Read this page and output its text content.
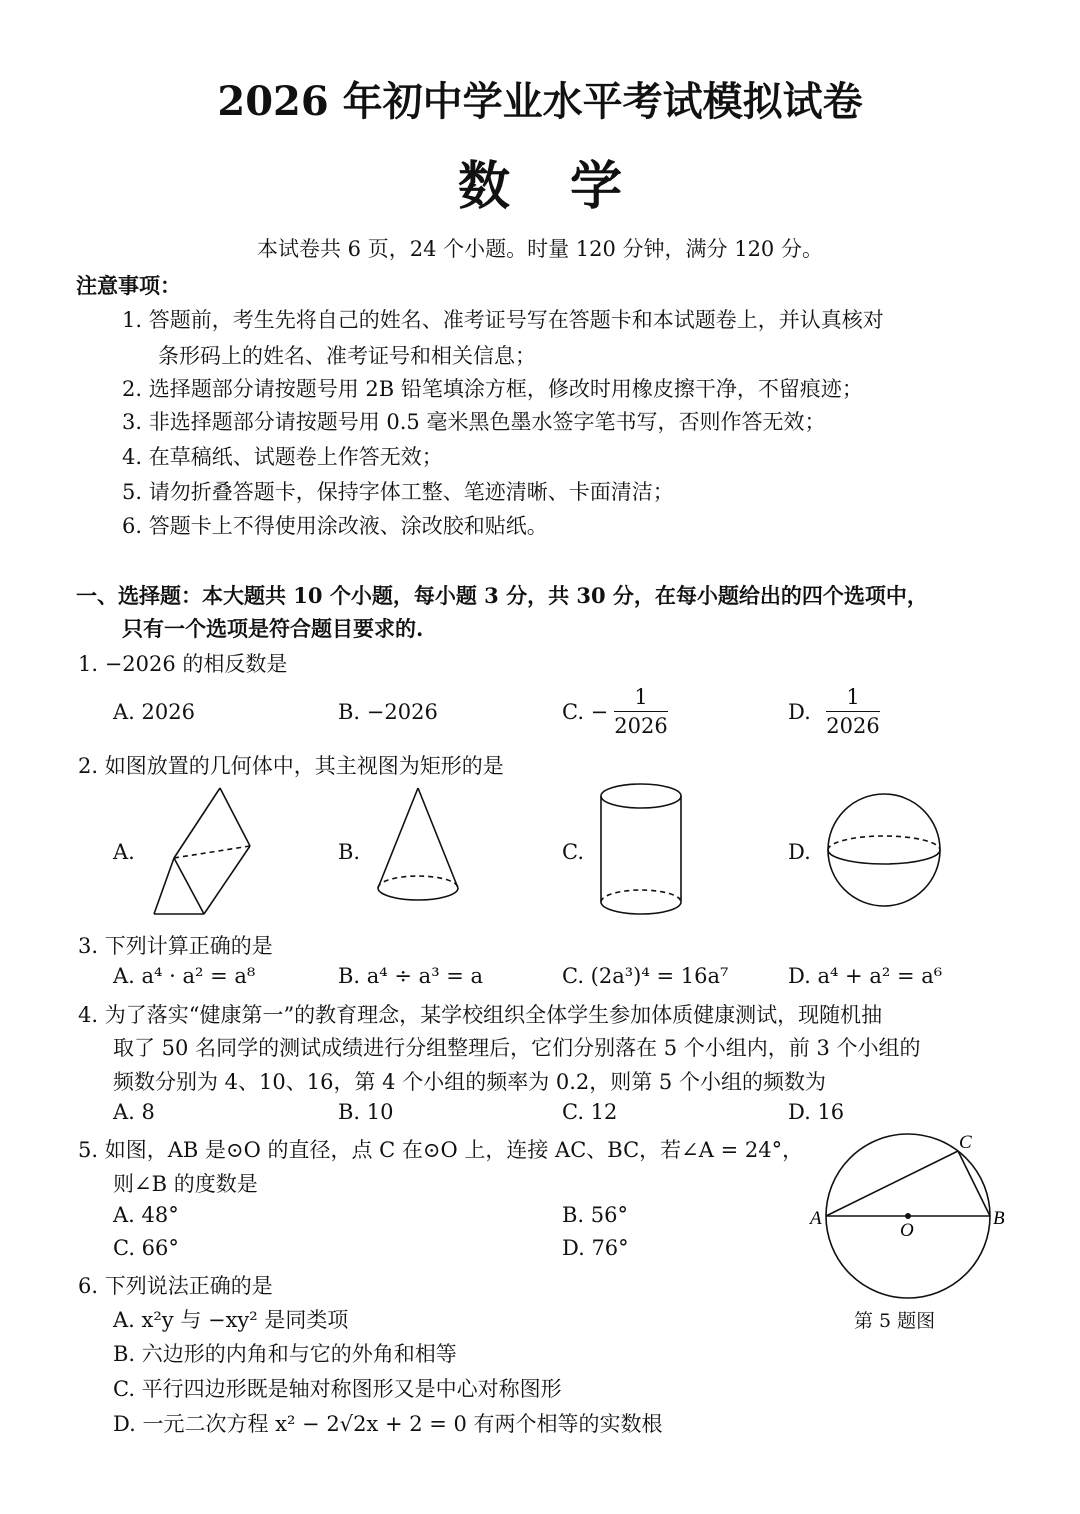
2026 年初中学业水平考试模拟试卷
数学
本试卷共 6 页，24 个小题。时量 120 分钟，满分 120 分。
注意事项：
1. 答题前，考生先将自己的姓名、准考证号写在答题卡和本试题卷上，并认真核对
条形码上的姓名、准考证号和相关信息；
2. 选择题部分请按题号用 2B 铅笔填涂方框，修改时用橡皮擦干净，不留痕迹；
3. 非选择题部分请按题号用 0.5 毫米黑色墨水签字笔书写，否则作答无效；
4. 在草稿纸、试题卷上作答无效；
5. 请勿折叠答题卡，保持字体工整、笔迹清晰、卡面清洁；
6. 答题卡上不得使用涂改液、涂改胶和贴纸。
一、选择题：本大题共 10 个小题，每小题 3 分，共 30 分，在每小题给出的四个选项中，
只有一个选项是符合题目要求的.
1. −2026 的相反数是
A. 2026	B. −2026	C. −
1
2026
D.
1
2026
2. 如图放置的几何体中，其主视图为矩形的是
A.	B.	C.	D.
3. 下列计算正确的是
A. a⁴ · a² = a⁸	B. a⁴ ÷ a³ = a	C. (2a³)⁴ = 16a⁷	D. a⁴ + a² = a⁶
4. 为了落实“健康第一”的教育理念，某学校组织全体学生参加体质健康测试，现随机抽
取了 50 名同学的测试成绩进行分组整理后，它们分别落在 5 个小组内，前 3 个小组的
频数分别为 4、10、16，第 4 个小组的频率为 0.2，则第 5 个小组的频数为
A. 8	B. 10	C. 12	D. 16
5. 如图，AB 是⊙O 的直径，点 C 在⊙O 上，连接 AC、BC，若∠A = 24°，
则∠B 的度数是
A. 48°	B. 56°
C. 66°	D. 76°
A	B
C
O
第 5 题图
6. 下列说法正确的是
A. x²y 与 −xy² 是同类项
B. 六边形的内角和与它的外角和相等
C. 平行四边形既是轴对称图形又是中心对称图形
D. 一元二次方程 x² − 2√2x + 2 = 0 有两个相等的实数根
